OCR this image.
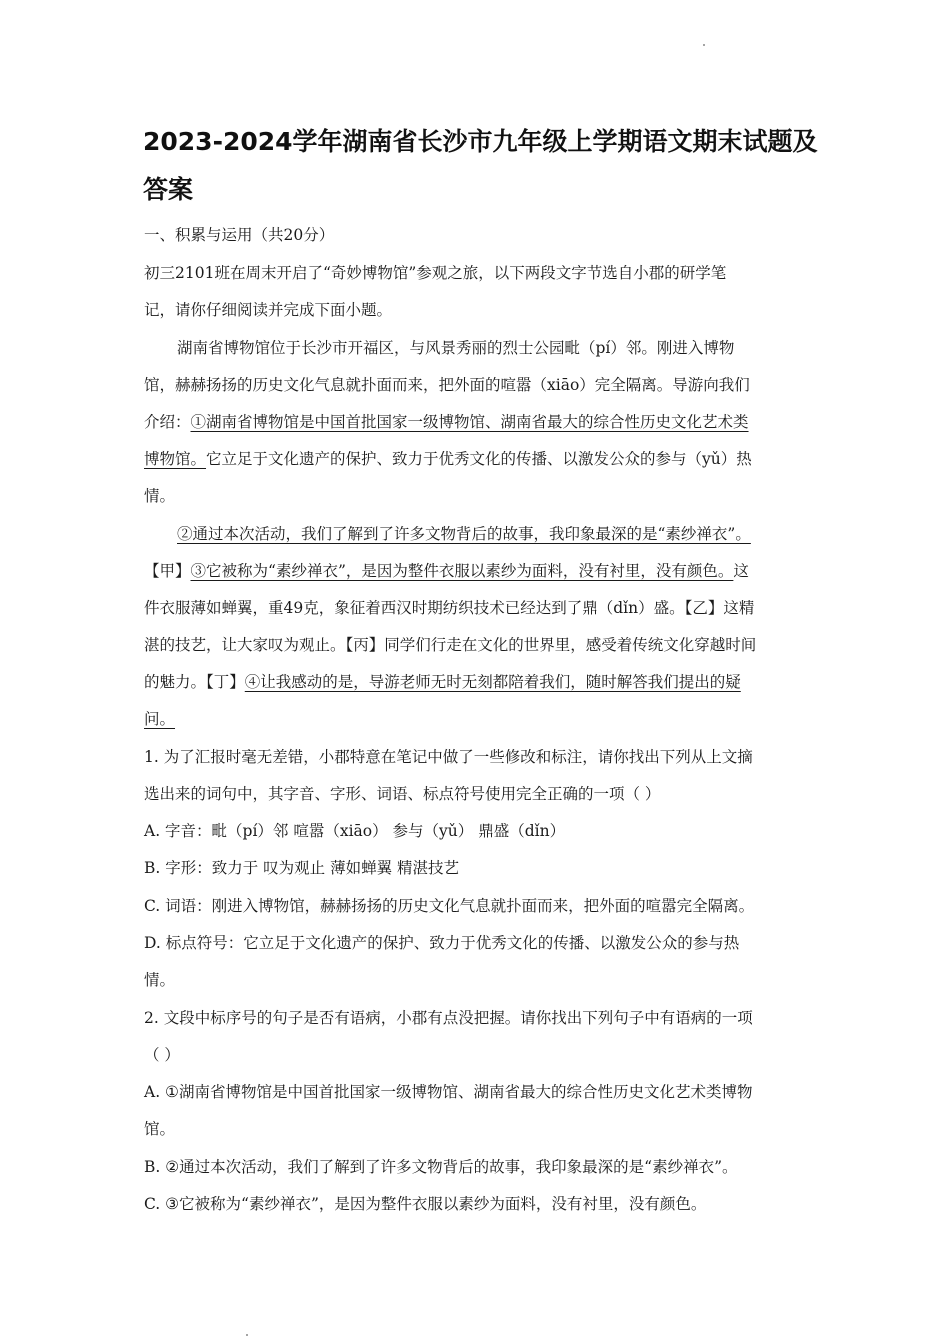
2023-2024学年湖南省长沙市九年级上学期语文期末试题及
答案
一、积累与运用（共20分）
初三2101班在周末开启了“奇妙博物馆”参观之旅，以下两段文字节选自小郡的研学笔
记，请你仔细阅读并完成下面小题。
湖南省博物馆位于长沙市开福区，与风景秀丽的烈士公园毗（pí）邻。刚进入博物
馆，赫赫扬扬的历史文化气息就扑面而来，把外面的喧嚣（xiāo）完全隔离。导游向我们
介绍：①湖南省博物馆是中国首批国家一级博物馆、湖南省最大的综合性历史文化艺术类
博物馆。它立足于文化遗产的保护、致力于优秀文化的传播、以激发公众的参与（yǔ）热
情。
②通过本次活动，我们了解到了许多文物背后的故事，我印象最深的是“素纱禅衣”。
【甲】③它被称为“素纱禅衣”，是因为整件衣服以素纱为面料，没有衬里，没有颜色。这
件衣服薄如蝉翼，重49克，象征着西汉时期纺织技术已经达到了鼎（dǐn）盛。【乙】这精
湛的技艺，让大家叹为观止。【丙】同学们行走在文化的世界里，感受着传统文化穿越时间
的魅力。【丁】④让我感动的是，导游老师无时无刻都陪着我们，随时解答我们提出的疑
问。
1. 为了汇报时毫无差错，小郡特意在笔记中做了一些修改和标注，请你找出下列从上文摘
选出来的词句中，其字音、字形、词语、标点符号使用完全正确的一项（ ）
A. 字音：毗（pí）邻 喧嚣（xiāo） 参与（yǔ） 鼎盛（dǐn）
B. 字形：致力于 叹为观止 薄如蝉翼 精湛技艺
C. 词语：刚进入博物馆，赫赫扬扬的历史文化气息就扑面而来，把外面的喧嚣完全隔离。
D. 标点符号：它立足于文化遗产的保护、致力于优秀文化的传播、以激发公众的参与热
情。
2. 文段中标序号的句子是否有语病，小郡有点没把握。请你找出下列句子中有语病的一项
（ ）
A. ①湖南省博物馆是中国首批国家一级博物馆、湖南省最大的综合性历史文化艺术类博物
馆。
B. ②通过本次活动，我们了解到了许多文物背后的故事，我印象最深的是“素纱禅衣”。
C. ③它被称为“素纱禅衣”，是因为整件衣服以素纱为面料，没有衬里，没有颜色。
